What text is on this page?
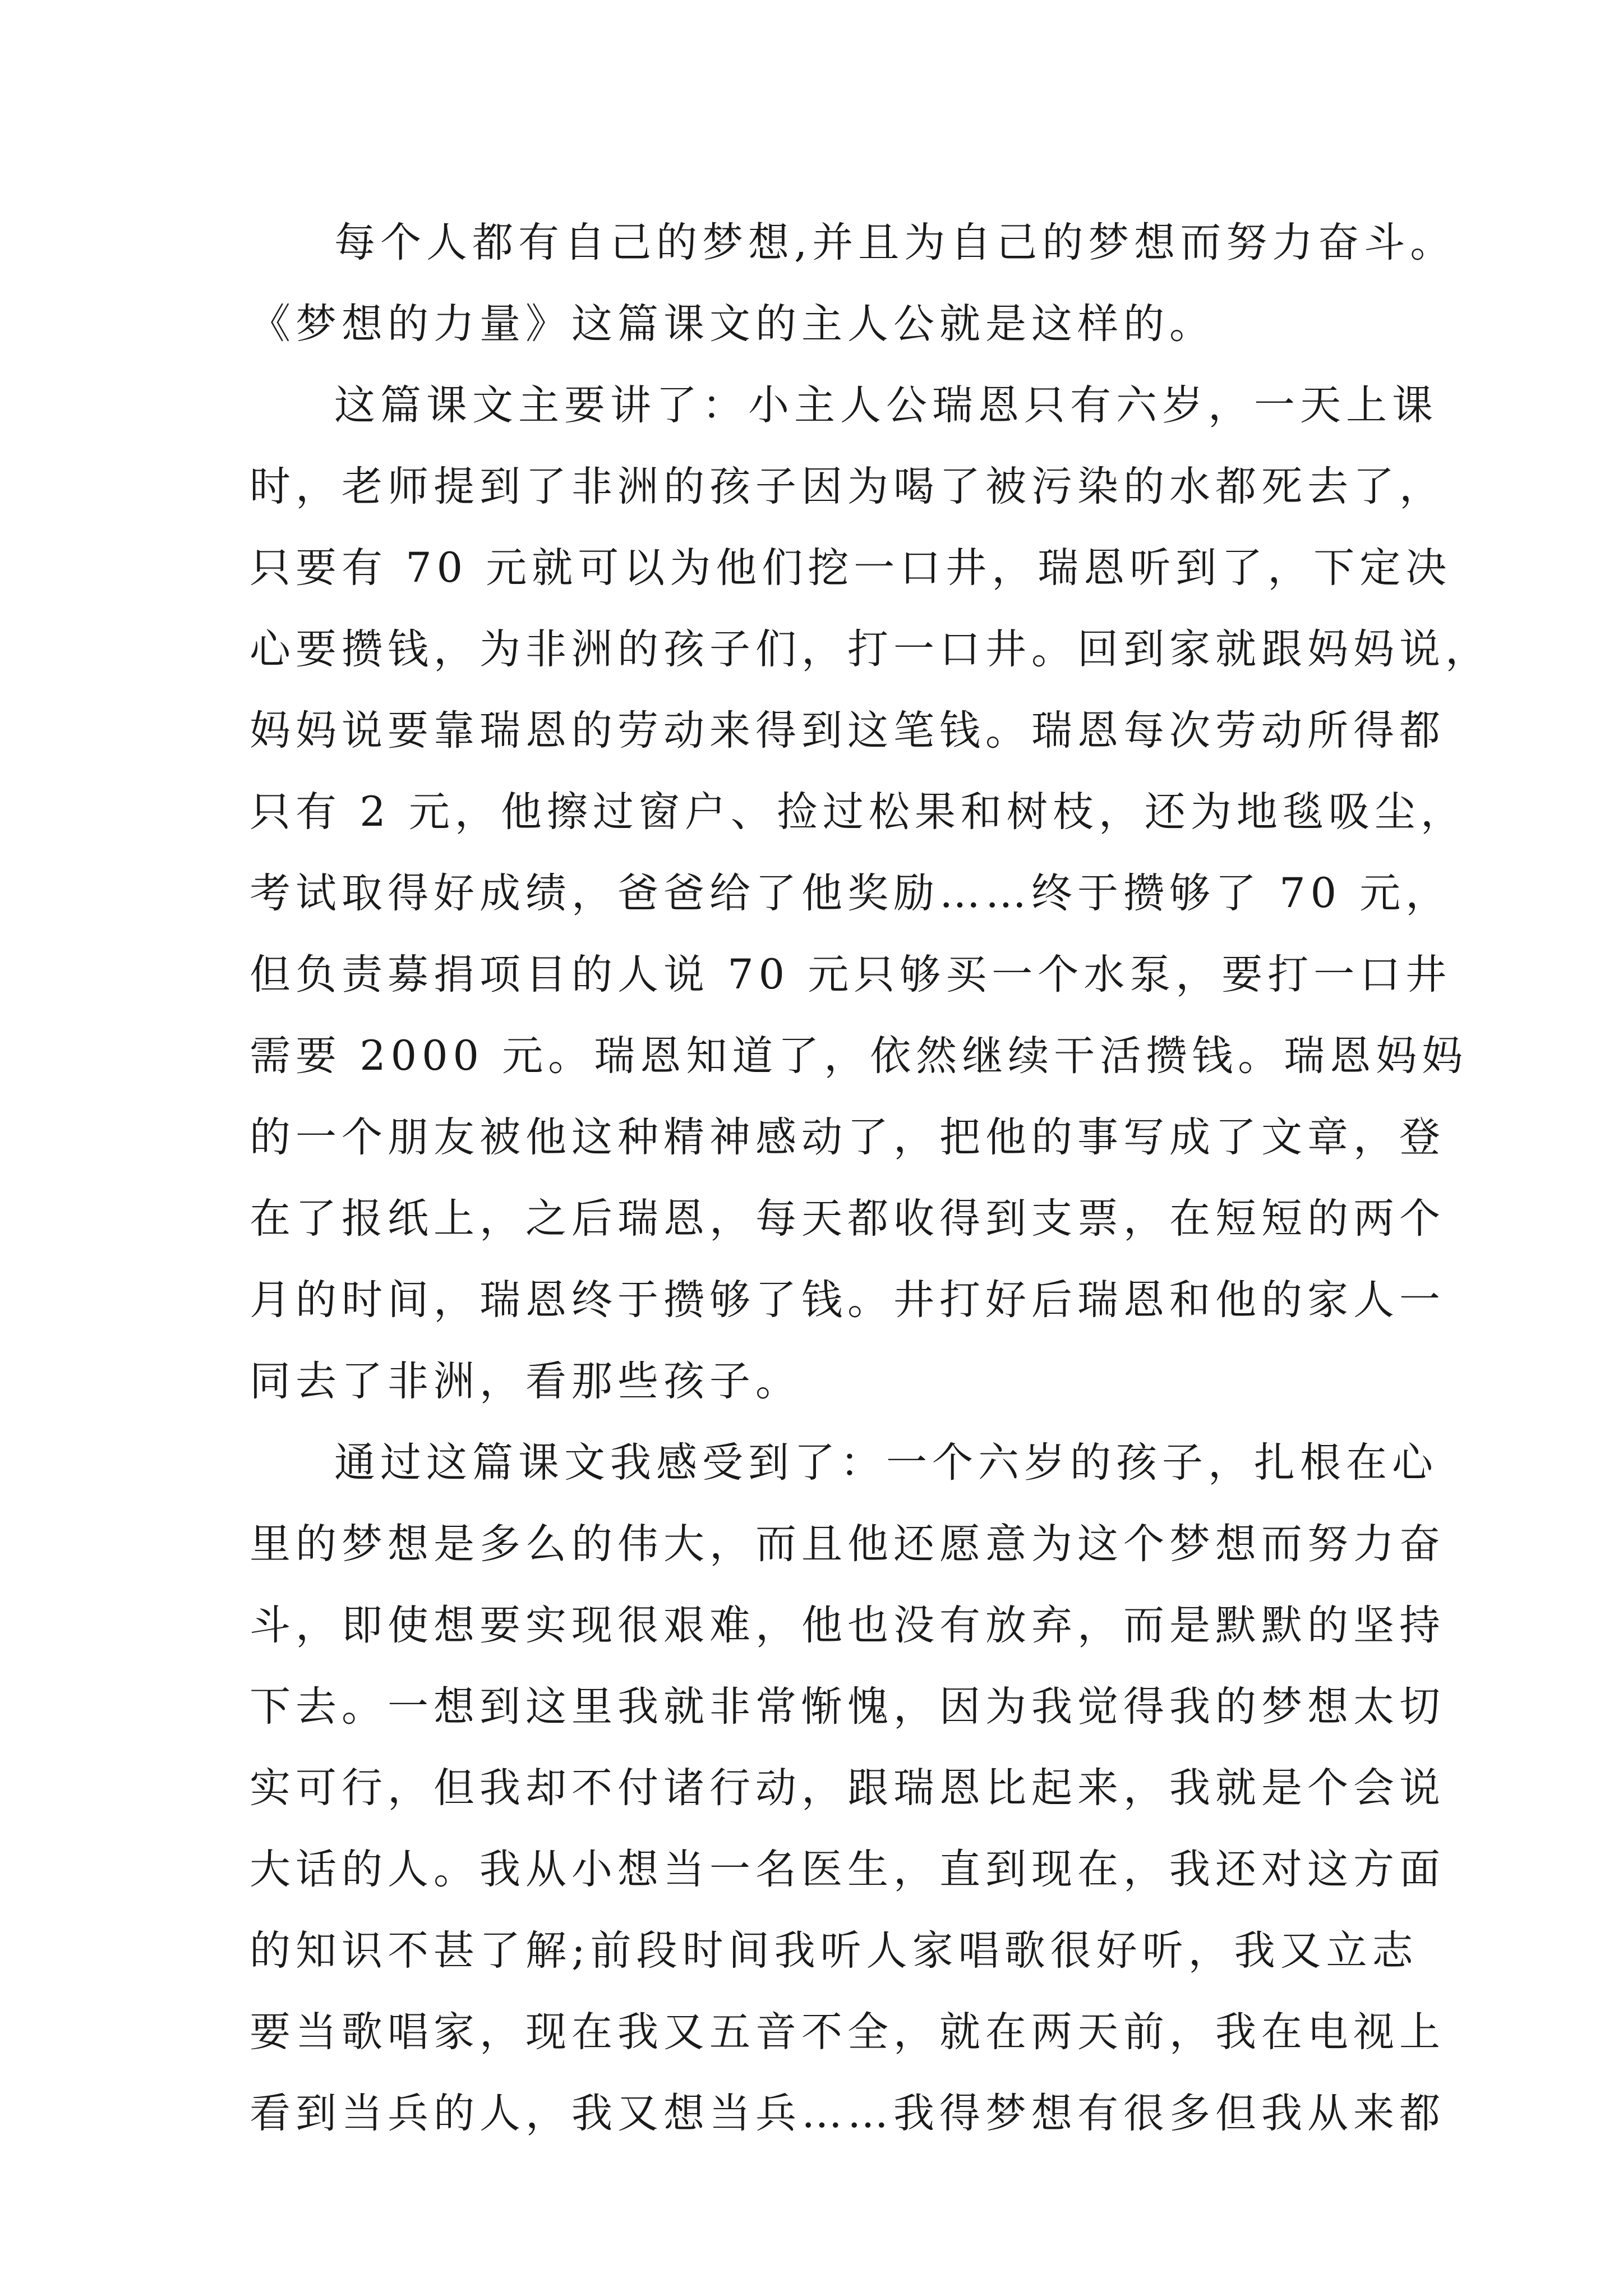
每个人都有自己的梦想,并且为自己的梦想而努力奋斗。
《梦想的力量》这篇课文的主人公就是这样的。
这篇课文主要讲了：小主人公瑞恩只有六岁，一天上课
时，老师提到了非洲的孩子因为喝了被污染的水都死去了，
只要有 70 元就可以为他们挖一口井，瑞恩听到了，下定决
心要攒钱，为非洲的孩子们，打一口井。回到家就跟妈妈说，
妈妈说要靠瑞恩的劳动来得到这笔钱。瑞恩每次劳动所得都
只有 2 元，他擦过窗户、捡过松果和树枝，还为地毯吸尘，
考试取得好成绩，爸爸给了他奖励……终于攒够了 70 元，
但负责募捐项目的人说 70 元只够买一个水泵，要打一口井
需要 2000 元。瑞恩知道了，依然继续干活攒钱。瑞恩妈妈
的一个朋友被他这种精神感动了，把他的事写成了文章，登
在了报纸上，之后瑞恩，每天都收得到支票，在短短的两个
月的时间，瑞恩终于攒够了钱。井打好后瑞恩和他的家人一
同去了非洲，看那些孩子。
通过这篇课文我感受到了：一个六岁的孩子，扎根在心
里的梦想是多么的伟大，而且他还愿意为这个梦想而努力奋
斗，即使想要实现很艰难，他也没有放弃，而是默默的坚持
下去。一想到这里我就非常惭愧，因为我觉得我的梦想太切
实可行，但我却不付诸行动，跟瑞恩比起来，我就是个会说
大话的人。我从小想当一名医生，直到现在，我还对这方面
的知识不甚了解;前段时间我听人家唱歌很好听，我又立志
要当歌唱家，现在我又五音不全，就在两天前，我在电视上
看到当兵的人，我又想当兵……我得梦想有很多但我从来都
